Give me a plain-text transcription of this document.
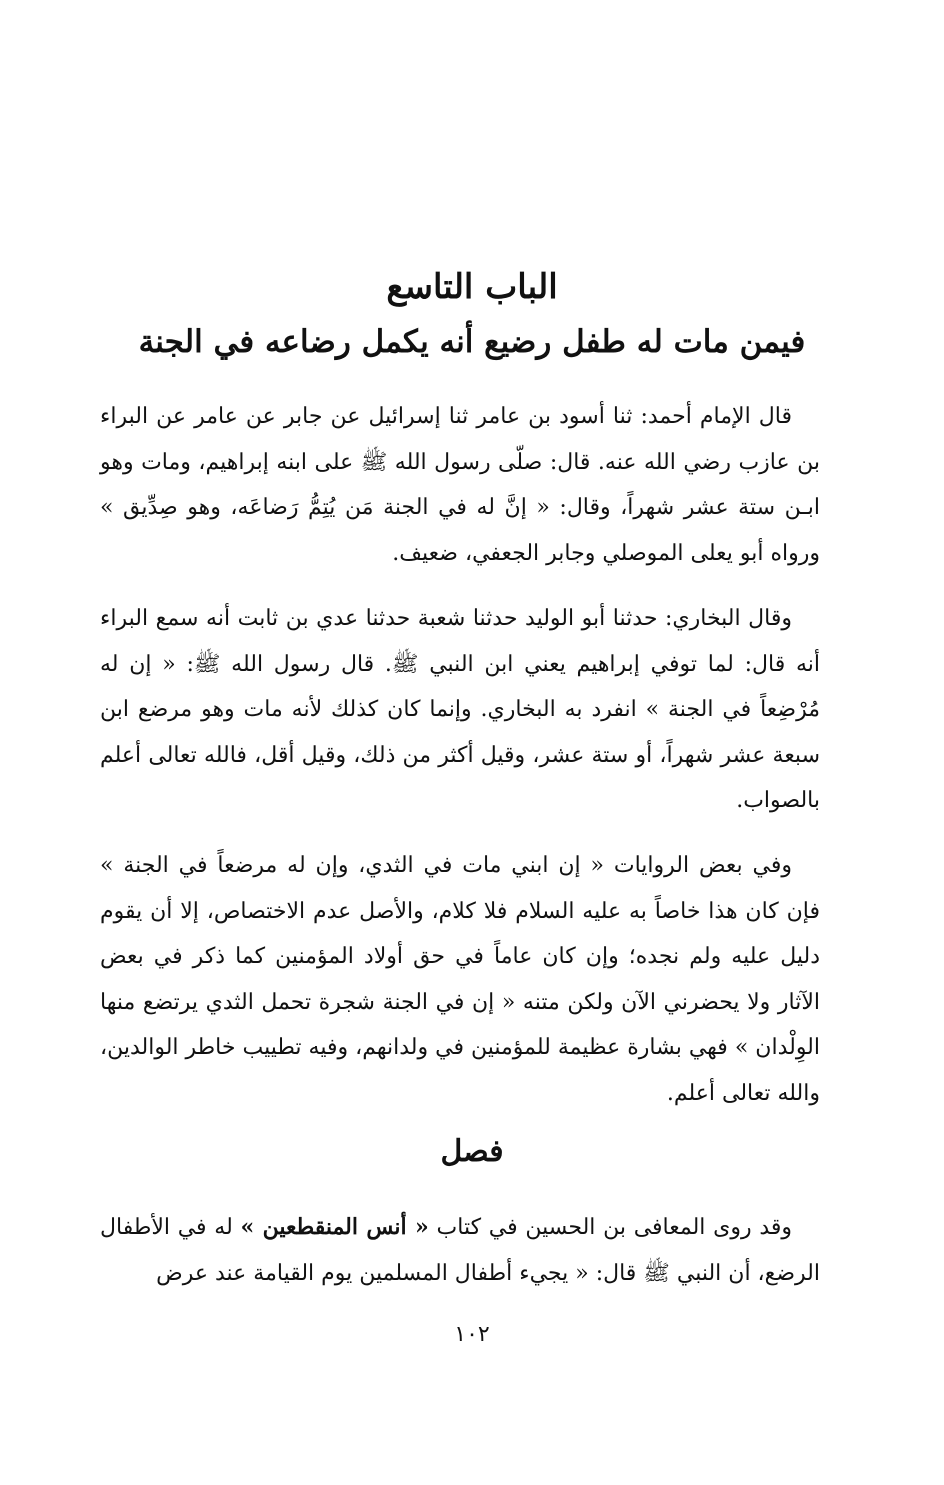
الباب التاسع
فيمن مات له طفل رضيع أنه يكمل رضاعه في الجنة

قال الإمام أحمد: ثنا أسود بن عامر ثنا إسرائيل عن جابر عن عامر عن البراء بن عازب رضي الله عنه. قال: صلّى رسول الله ﷺ على ابنه إبراهيم، ومات وهو ابـن ستة عشر شهراً، وقال: « إنَّ له في الجنة مَن يُتِمُّ رَضاعَه، وهو صِدِّيق » ورواه أبو يعلى الموصلي وجابر الجعفي، ضعيف.

وقال البخاري: حدثنا أبو الوليد حدثنا شعبة حدثنا عدي بن ثابت أنه سمع البراء أنه قال: لما توفي إبراهيم يعني ابن النبي ﷺ. قال رسول الله ﷺ: « إن له مُرْضِعاً في الجنة » انفرد به البخاري. وإنما كان كذلك لأنه مات وهو مرضع ابن سبعة عشر شهراً، أو ستة عشر، وقيل أكثر من ذلك، وقيل أقل، فالله تعالى أعلم بالصواب.

وفي بعض الروايات « إن ابني مات في الثدي، وإن له مرضعاً في الجنة » فإن كان هذا خاصاً به عليه السلام فلا كلام، والأصل عدم الاختصاص، إلا أن يقوم دليل عليه ولم نجده؛ وإن كان عاماً في حق أولاد المؤمنين كما ذكر في بعض الآثار ولا يحضرني الآن ولكن متنه « إن في الجنة شجرة تحمل الثدي يرتضع منها الوِلْدان » فهي بشارة عظيمة للمؤمنين في ولدانهم، وفيه تطييب خاطر الوالدين، والله تعالى أعلم.

فصل

وقد روى المعافى بن الحسين في كتاب « أنس المنقطعين » له في الأطفال الرضع، أن النبي ﷺ قال: « يجيء أطفال المسلمين يوم القيامة عند عرض

١٠٢
